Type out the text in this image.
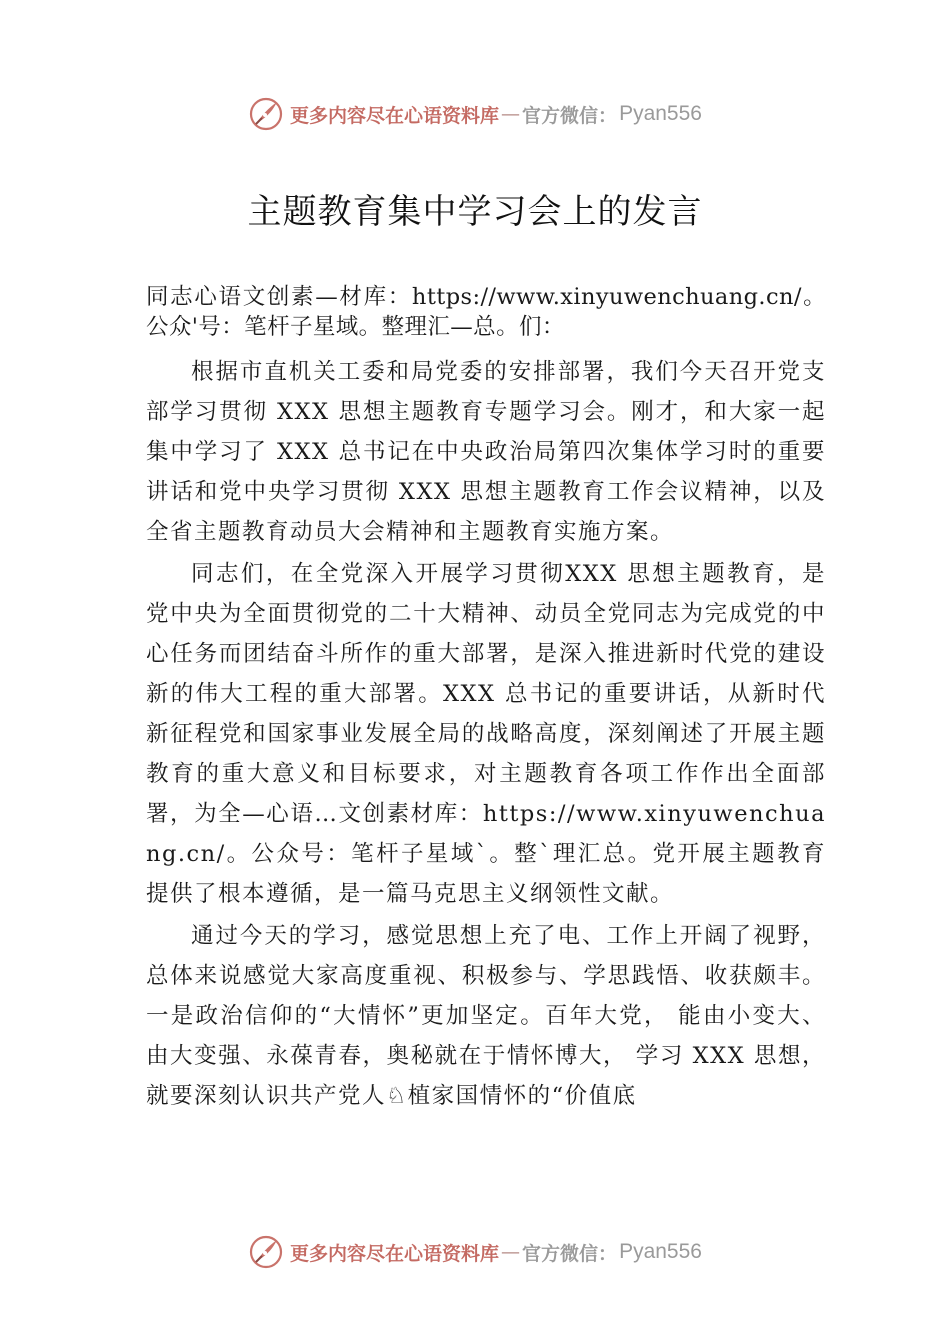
更多内容尽在心语资料库 — 官方微信： Pyan556
主题教育集中学习会上的发言

同志心语文创素—材库：https://www.xinyuwenchuang.cn/。公众'号：笔杆子星域。整理汇—总。们：

根据市直机关工委和局党委的安排部署，我们今天召开党支部学习贯彻 XXX 思想主题教育专题学习会。刚才，和大家一起集中学习了 XXX 总书记在中央政治局第四次集体学习时的重要讲话和党中央学习贯彻 XXX 思想主题教育工作会议精神，以及全省主题教育动员大会精神和主题教育实施方案。

同志们，在全党深入开展学习贯彻XXX 思想主题教育，是党中央为全面贯彻党的二十大精神、动员全党同志为完成党的中心任务而团结奋斗所作的重大部署，是深入推进新时代党的建设新的伟大工程的重大部署。XXX 总书记的重要讲话，从新时代新征程党和国家事业发展全局的战略高度，深刻阐述了开展主题教育的重大意义和目标要求，对主题教育各项工作作出全面部署，为全—心语…文创素材库：https://www.xinyuwenchuang.cn/。公众号：笔杆子星域`。整`理汇总。党开展主题教育提供了根本遵循，是一篇马克思主义纲领性文献。

通过今天的学习，感觉思想上充了电、工作上开阔了视野，总体来说感觉大家高度重视、积极参与、学思践悟、收获颇丰。一是政治信仰的“大情怀”更加坚定。百年大党， 能由小变大、由大变强、永葆青春，奥秘就在于情怀博大， 学习 XXX 思想，就要深刻认识共产党人♘植家国情怀的“价值底

更多内容尽在心语资料库 — 官方微信： Pyan556
